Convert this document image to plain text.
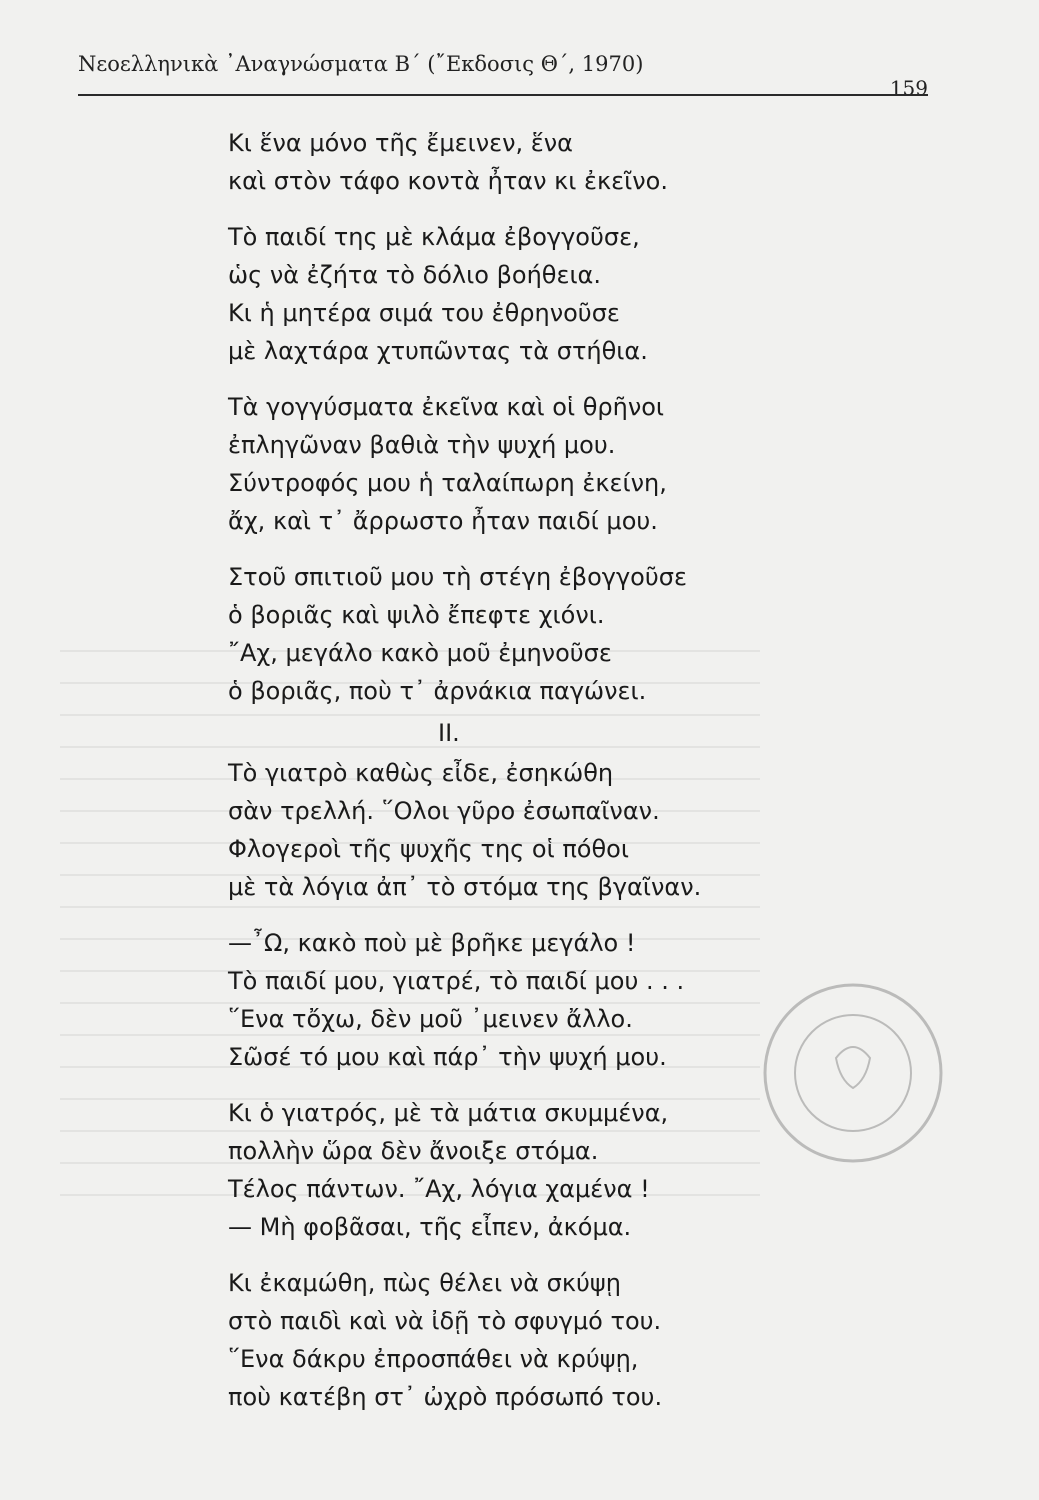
Νεοελληνικὰ ᾿Αναγνώσματα Β΄ (῎Εκδοσις Θ΄, 1970)
159
Κι ἕνα μόνο τῆς ἔμεινεν, ἕνα
καὶ στὸν τάφο κοντὰ ἦταν κι ἐκεῖνο.
Τὸ παιδί της μὲ κλάμα ἐβογγοῦσε,
ὡς νὰ ἐζήτα τὸ δόλιο βοήθεια.
Κι ἡ μητέρα σιμά του ἐθρηνοῦσε
μὲ λαχτάρα χτυπῶντας τὰ στήθια.
Τὰ γογγύσματα ἐκεῖνα καὶ οἱ θρῆνοι
ἐπληγῶναν βαθιὰ τὴν ψυχή μου.
Σύντροφός μου ἡ ταλαίπωρη ἐκείνη,
ἄχ, καὶ τ᾿ ἄρρωστο ἦταν παιδί μου.
Στοῦ σπιτιοῦ μου τὴ στέγη ἐβογγοῦσε
ὁ βοριᾶς καὶ ψιλὸ ἔπεφτε χιόνι.
῎Αχ, μεγάλο κακὸ μοῦ ἐμηνοῦσε
ὁ βοριᾶς, ποὺ τ᾿ ἀρνάκια παγώνει.
II.
Τὸ γιατρὸ καθὼς εἶδε, ἐσηκώθη
σὰν τρελλή. ῞Ολοι γῦρο ἐσωπαῖναν.
Φλογεροὶ τῆς ψυχῆς της οἱ πόθοι
μὲ τὰ λόγια ἀπ᾿ τὸ στόμα της βγαῖναν.
—῏Ω, κακὸ ποὺ μὲ βρῆκε μεγάλο !
Τὸ παιδί μου, γιατρέ, τὸ παιδί μου . . .
῞Ενα τὄχω, δὲν μοῦ ᾿μεινεν ἄλλο.
Σῶσέ τό μου καὶ πάρ᾿ τὴν ψυχή μου.
Κι ὁ γιατρός, μὲ τὰ μάτια σκυμμένα,
πολλὴν ὥρα δὲν ἄνοιξε στόμα.
Τέλος πάντων. ῎Αχ, λόγια χαμένα !
— Μὴ φοβᾶσαι, τῆς εἶπεν, ἀκόμα.
Κι ἐκαμώθη, πὼς θέλει νὰ σκύψῃ
στὸ παιδὶ καὶ νὰ ἰδῇ τὸ σφυγμό του.
῞Ενα δάκρυ ἐπροσπάθει νὰ κρύψῃ,
ποὺ κατέβη στ᾿ ὠχρὸ πρόσωπό του.
